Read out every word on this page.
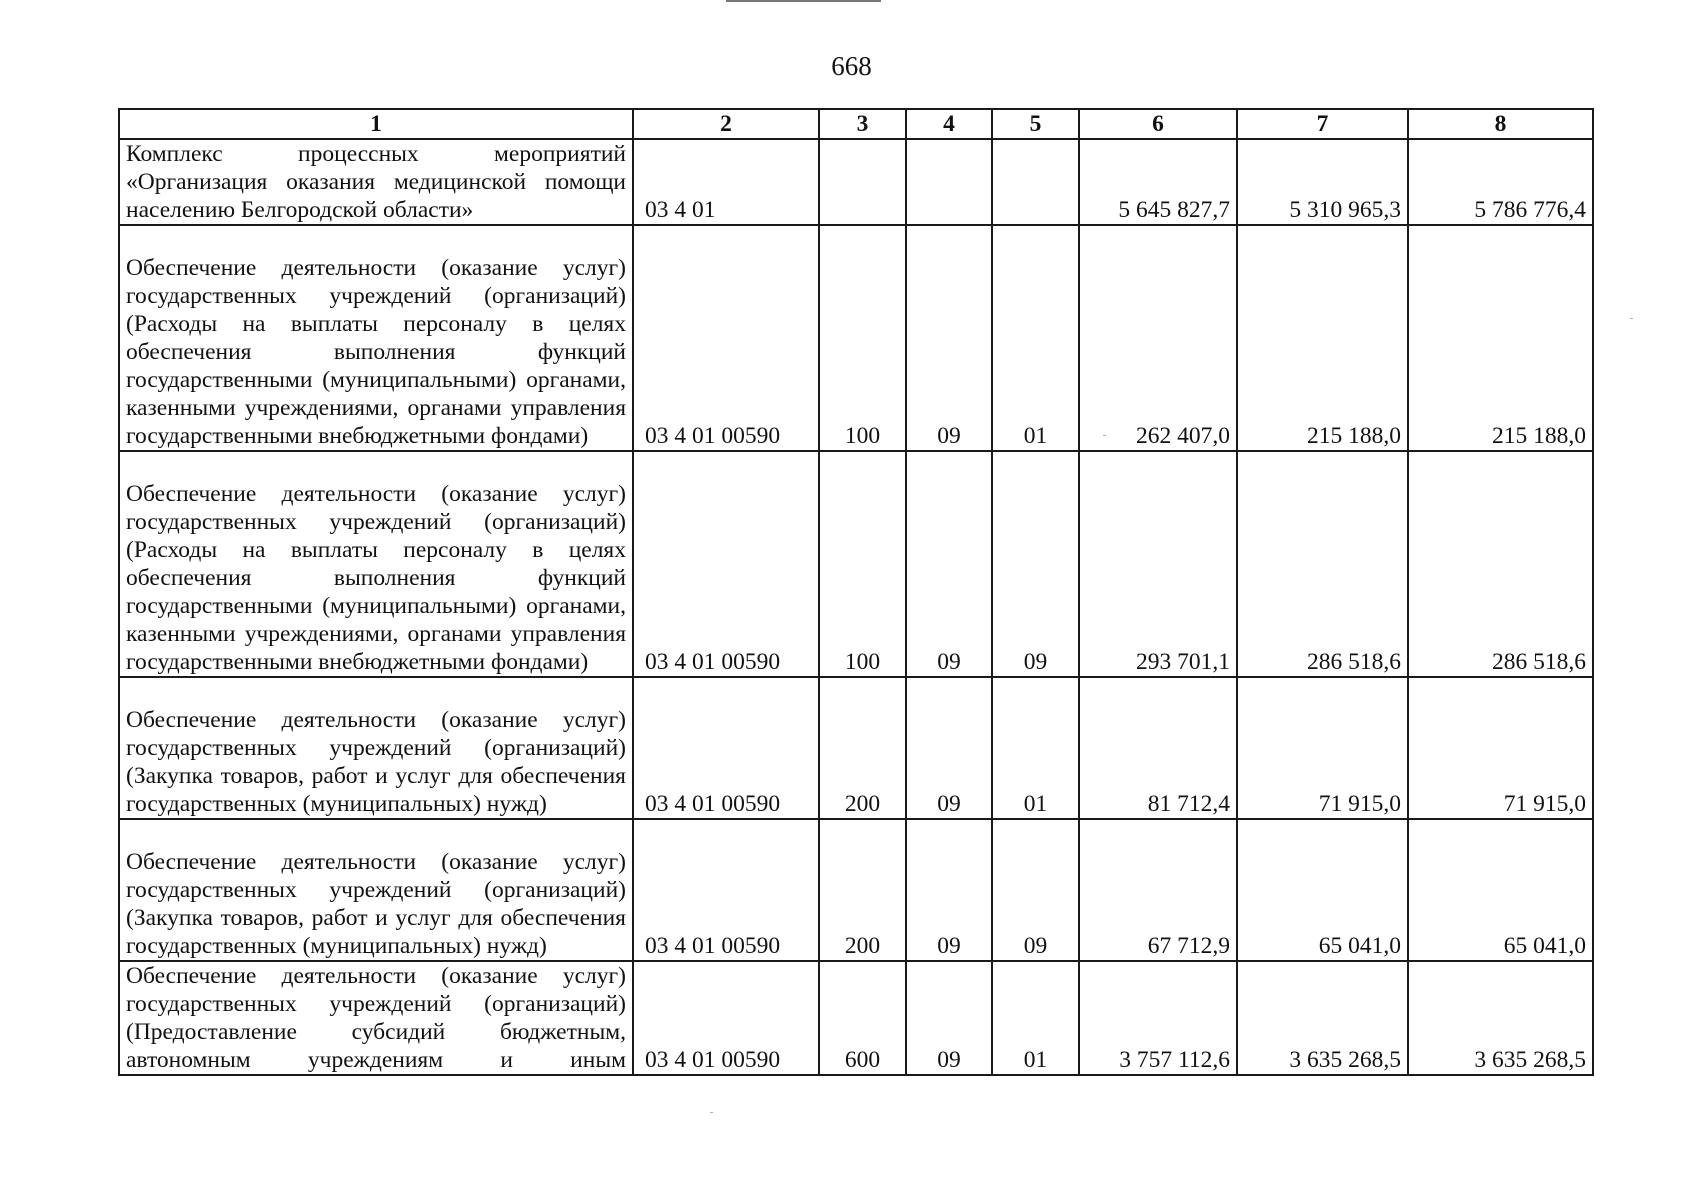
668
1	2	3	4	5	6	7	8
Комплекс процессных мероприятий «Организация оказания медицинской помощи населению Белгородской области»	03 4 01				5 645 827,7	5 310 965,3	5 786 776,4
Обеспечение деятельности (оказание услуг) государственных учреждений (организаций) (Расходы на выплаты персоналу в целях обеспечения выполнения функций государственными (муниципальными) органами, казенными учреждениями, органами управления государственными внебюджетными фондами)	03 4 01 00590	100	09	01	262 407,0	215 188,0	215 188,0
Обеспечение деятельности (оказание услуг) государственных учреждений (организаций) (Расходы на выплаты персоналу в целях обеспечения выполнения функций государственными (муниципальными) органами, казенными учреждениями, органами управления государственными внебюджетными фондами)	03 4 01 00590	100	09	09	293 701,1	286 518,6	286 518,6
Обеспечение деятельности (оказание услуг) государственных учреждений (организаций) (Закупка товаров, работ и услуг для обеспечения государственных (муниципальных) нужд)	03 4 01 00590	200	09	01	81 712,4	71 915,0	71 915,0
Обеспечение деятельности (оказание услуг) государственных учреждений (организаций) (Закупка товаров, работ и услуг для обеспечения государственных (муниципальных) нужд)	03 4 01 00590	200	09	09	67 712,9	65 041,0	65 041,0
Обеспечение деятельности (оказание услуг) государственных учреждений (организаций) (Предоставление субсидий бюджетным, автономным учреждениям и иным	03 4 01 00590	600	09	01	3 757 112,6	3 635 268,5	3 635 268,5
